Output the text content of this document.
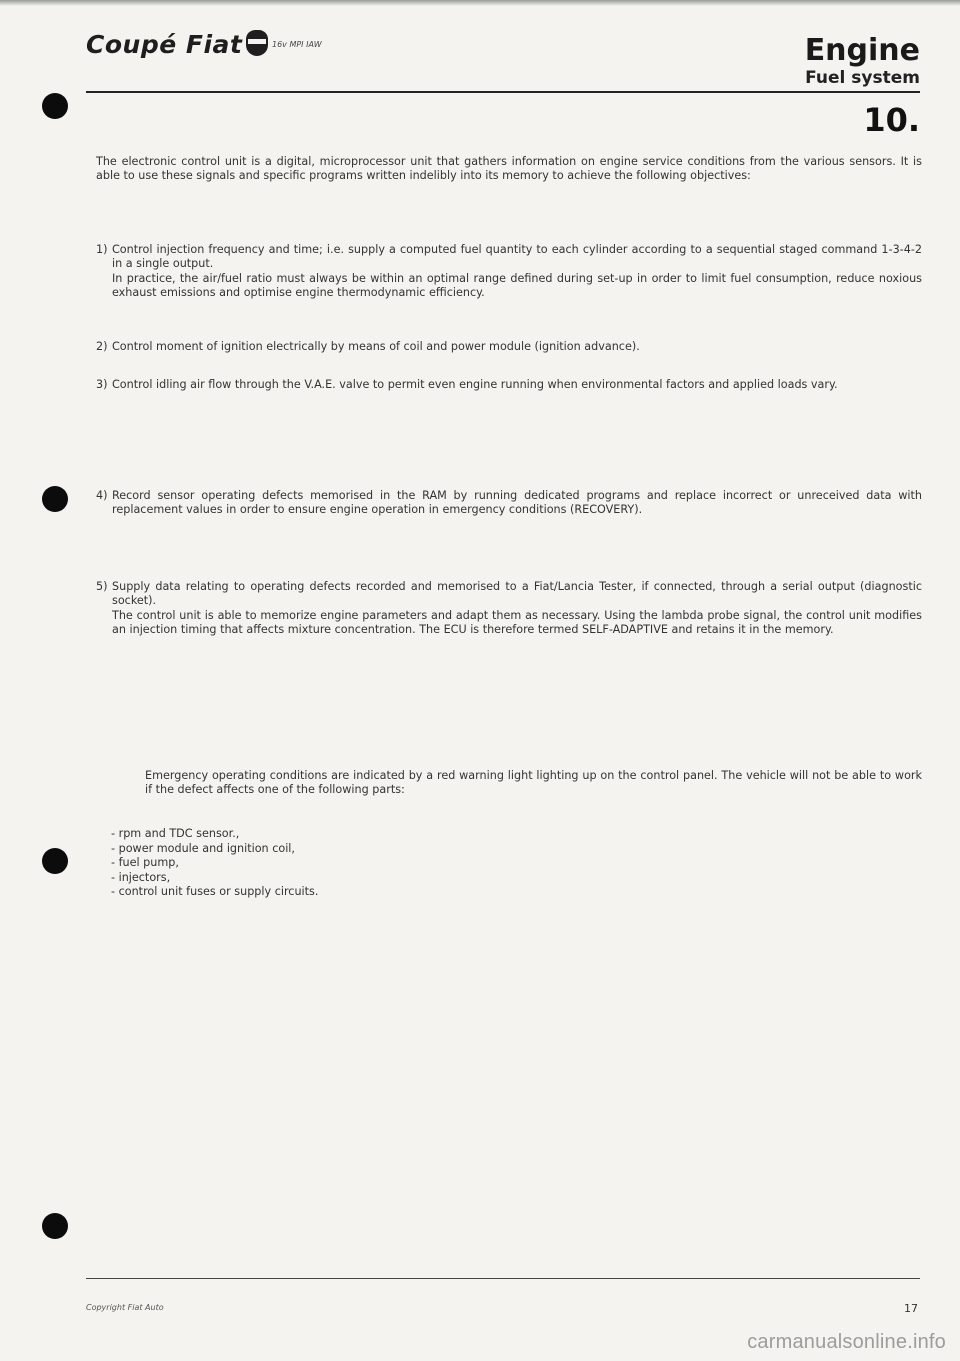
Coupé Fiat	16v MPI IAW	Engine
Fuel system
10.
The electronic control unit is a digital, microprocessor unit that gathers information on engine service conditions from the various sensors. It is able to use these signals and specific programs written indelibly into its memory to achieve the following objectives:
1) Control injection frequency and time; i.e. supply a computed fuel quantity to each cylinder according to a sequential staged command 1-3-4-2 in a single output.
In practice, the air/fuel ratio must always be within an optimal range defined during set-up in order to limit fuel consumption, reduce noxious exhaust emissions and optimise engine thermodynamic efficiency.
2) Control moment of ignition electrically by means of coil and power module (ignition advance).
3) Control idling air flow through the V.A.E. valve to permit even engine running when environmental factors and applied loads vary.
4) Record sensor operating defects memorised in the RAM by running dedicated programs and replace incorrect or unreceived data with replacement values in order to ensure engine operation in emergency conditions (RECOVERY).
5) Supply data relating to operating defects recorded and memorised to a Fiat/Lancia Tester, if connected, through a serial output (diagnostic socket).
The control unit is able to memorize engine parameters and adapt them as necessary. Using the lambda probe signal, the control unit modifies an injection timing that affects mixture concentration. The ECU is therefore termed SELF-ADAPTIVE and retains it in the memory.
Emergency operating conditions are indicated by a red warning light lighting up on the control panel. The vehicle will not be able to work if the defect affects one of the following parts:
- rpm and TDC sensor.,
- power module and ignition coil,
- fuel pump,
- injectors,
- control unit fuses or supply circuits.
Copyright Fiat Auto	17
carmanualsonline.info
